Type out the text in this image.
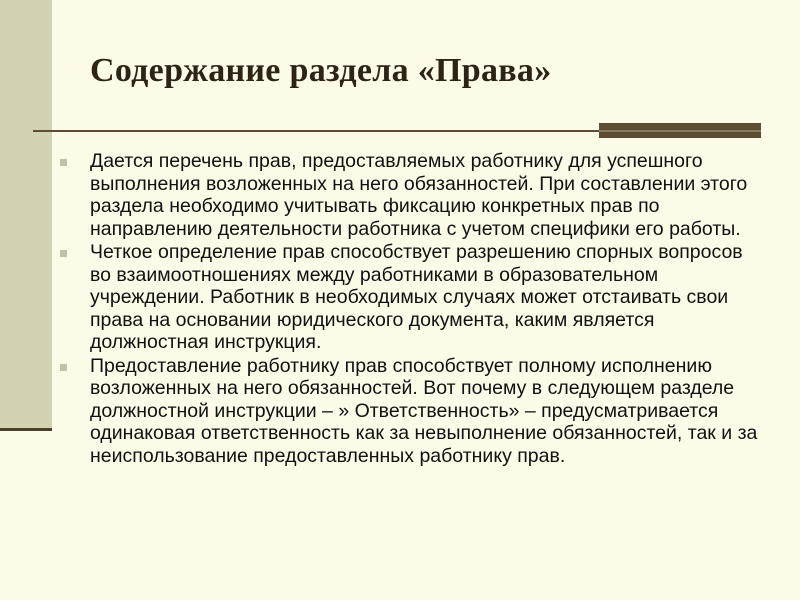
Содержание раздела «Права»
Дается перечень прав, предоставляемых работнику для успешного выполнения возложенных на него обязанностей. При составлении этого раздела необходимо учитывать фиксацию конкретных прав по направлению деятельности работника с учетом специфики его работы.
Четкое определение прав способствует разрешению спорных вопросов во взаимоотношениях между работниками в образовательном учреждении. Работник в необходимых случаях может отстаивать свои права на основании юридического документа, каким является должностная инструкция.
Предоставление работнику прав способствует полному исполнению возложенных на него обязанностей. Вот почему в следующем разделе должностной инструкции – » Ответственность» – предусматривается одинаковая ответственность как за невыполнение обязанностей, так и за неиспользование предоставленных работнику прав.
